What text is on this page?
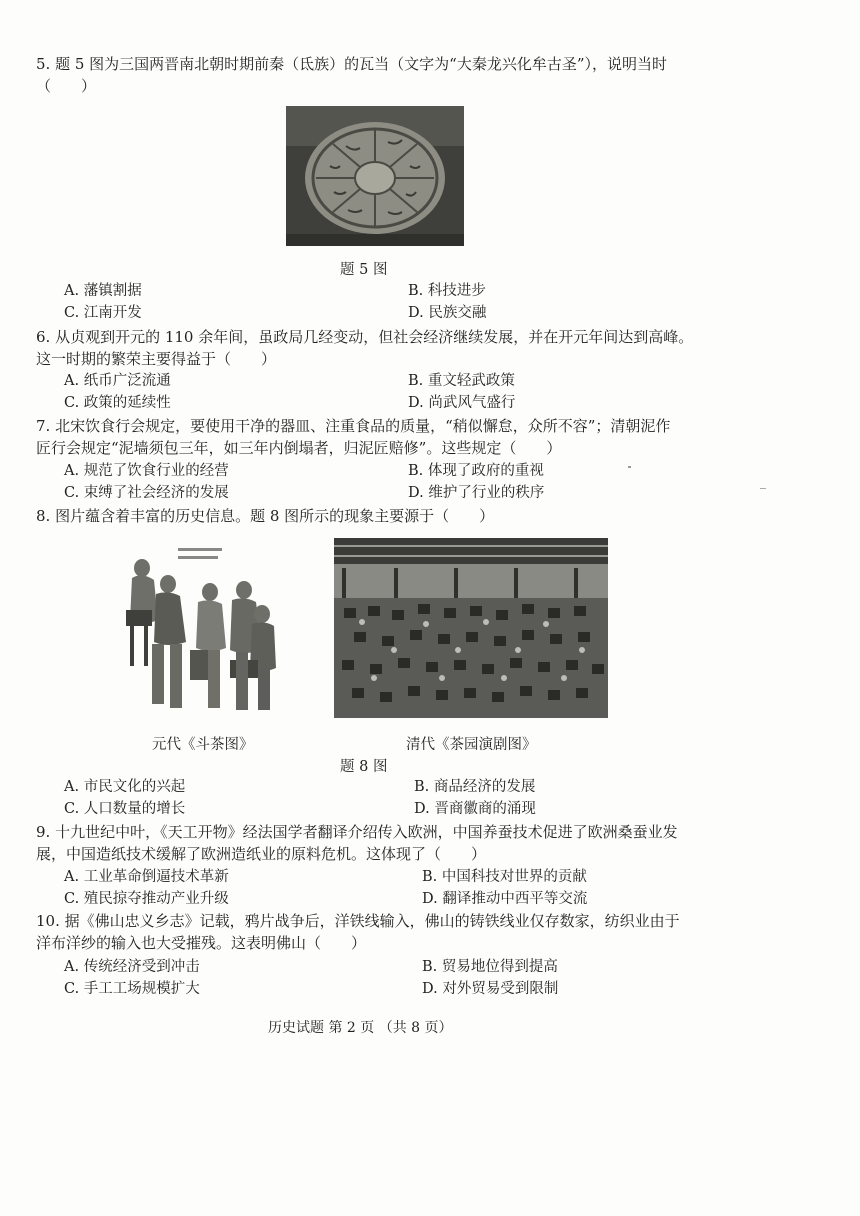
5. 题 5 图为三国两晋南北朝时期前秦（氐族）的瓦当（文字为“大秦龙兴化牟古圣”），说明当时
（　　）
题 5 图
A. 藩镇割据	B. 科技进步
C. 江南开发	D. 民族交融
6. 从贞观到开元的 110 余年间，虽政局几经变动，但社会经济继续发展，并在开元年间达到高峰。
这一时期的繁荣主要得益于（　　）
A. 纸币广泛流通	B. 重文轻武政策
C. 政策的延续性	D. 尚武风气盛行
7. 北宋饮食行会规定，要使用干净的器皿、注重食品的质量，“稍似懈怠，众所不容”；清朝泥作
匠行会规定“泥墙须包三年，如三年内倒塌者，归泥匠赔修”。这些规定（　　）
A. 规范了饮食行业的经营	B. 体现了政府的重视
C. 束缚了社会经济的发展	D. 维护了行业的秩序
8. 图片蕴含着丰富的历史信息。题 8 图所示的现象主要源于（　　）
元代《斗茶图》	清代《茶园演剧图》
题 8 图
A. 市民文化的兴起	B. 商品经济的发展
C. 人口数量的增长	D. 晋商徽商的涌现
9. 十九世纪中叶，《天工开物》经法国学者翻译介绍传入欧洲，中国养蚕技术促进了欧洲桑蚕业发
展，中国造纸技术缓解了欧洲造纸业的原料危机。这体现了（　　）
A. 工业革命倒逼技术革新	B. 中国科技对世界的贡献
C. 殖民掠夺推动产业升级	D. 翻译推动中西平等交流
10. 据《佛山忠义乡志》记载，鸦片战争后，洋铁线输入，佛山的铸铁线业仅存数家，纺织业由于
洋布洋纱的输入也大受摧残。这表明佛山（　　）
A. 传统经济受到冲击	B. 贸易地位得到提高
C. 手工工场规模扩大	D. 对外贸易受到限制
历史试题 第 2 页 （共 8 页）
